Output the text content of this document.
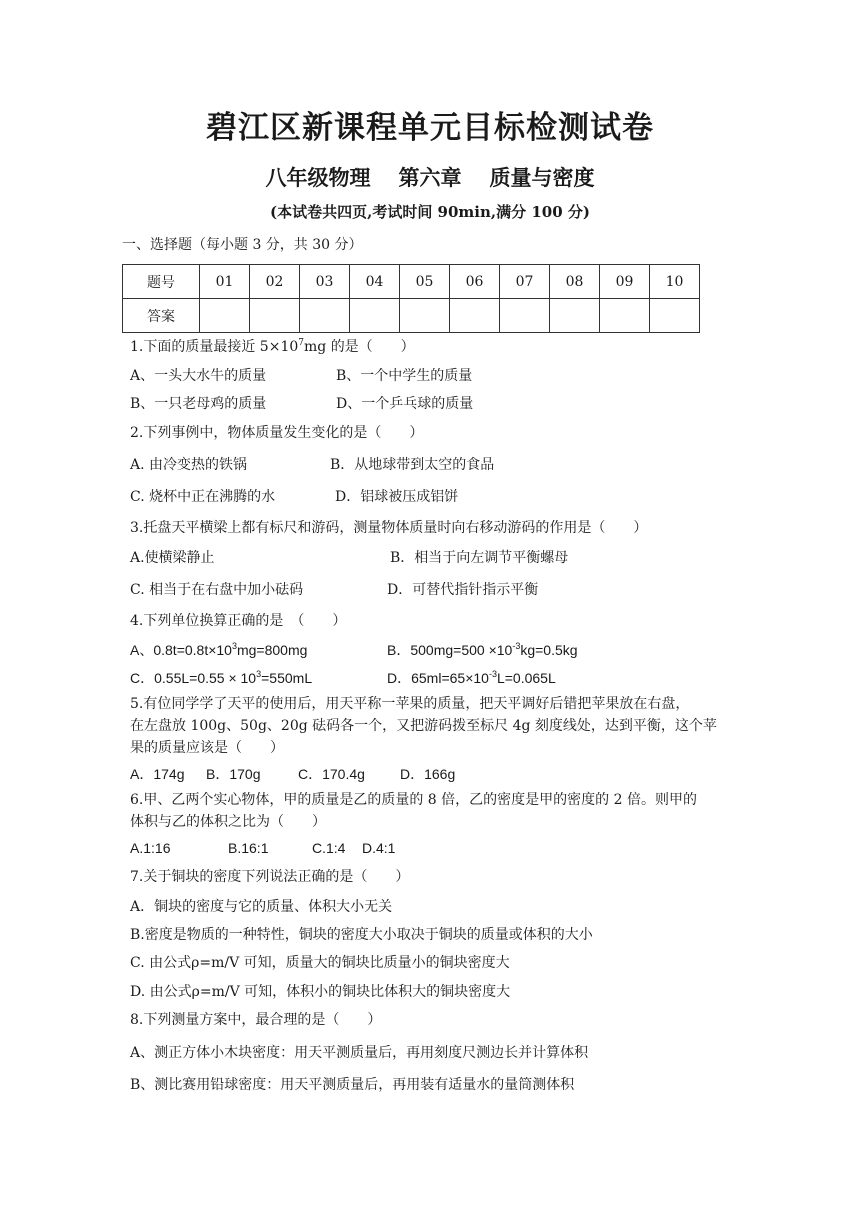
碧江区新课程单元目标检测试卷
八年级物理 第六章 质量与密度
(本试卷共四页,考试时间 90min,满分 100 分)
一、选择题（每小题 3 分，共 30 分）
题号	01	02	03	04	05	06	07	08	09	10
答案										
1.下面的质量最接近 $5\times 10^7mg$ 的是（　　）
A、一头大水牛的质量	B、一个中学生的质量
B、一只老母鸡的质量	D、一个乒乓球的质量
2.下列事例中，物体质量发生变化的是（　　）
A. 由冷变热的铁锅	B．从地球带到太空的食品
C. 烧杯中正在沸腾的水	D．铝球被压成铝饼
3.托盘天平横梁上都有标尺和游码，测量物体质量时向右移动游码的作用是（　　）
A.使横梁静止	B．相当于向左调节平衡螺母
C. 相当于在右盘中加小砝码	D．可替代指针指示平衡
4.下列单位换算正确的是　（　　）
A、$0.8t=0.8t\times 10^3mg=800mg$	B．$500mg=500 \times 10^{-3}kg=0.5kg$
C．$0.55L=0.55 \times 10^3=550mL$	D．$65ml=65\times 10^{-3}L=0.065L$
5.有位同学学了天平的使用后，用天平称一苹果的质量，把天平调好后错把苹果放在右盘，
在左盘放 100g、50g、20g 砝码各一个，又把游码拨至标尺 4g 刻度线处，达到平衡，这个苹
果的质量应该是（　　）
A．174g B．170g	C．170.4g	D．166g
6.甲、乙两个实心物体，甲的质量是乙的质量的 8 倍，乙的密度是甲的密度的 2 倍。则甲的
体积与乙的体积之比为（　　）
A.1:16	B.16:1	C.1:4 D.4:1
7.关于铜块的密度下列说法正确的是（　　）
A．铜块的密度与它的质量、体积大小无关
B.密度是物质的一种特性，铜块的密度大小取决于铜块的质量或体积的大小
C. 由公式ρ=m/V 可知，质量大的铜块比质量小的铜块密度大
D. 由公式ρ=m/V 可知，体积小的铜块比体积大的铜块密度大
8.下列测量方案中，最合理的是（　　）
A、测正方体小木块密度：用天平测质量后，再用刻度尺测边长并计算体积
B、测比赛用铅球密度：用天平测质量后，再用装有适量水的量筒测体积
